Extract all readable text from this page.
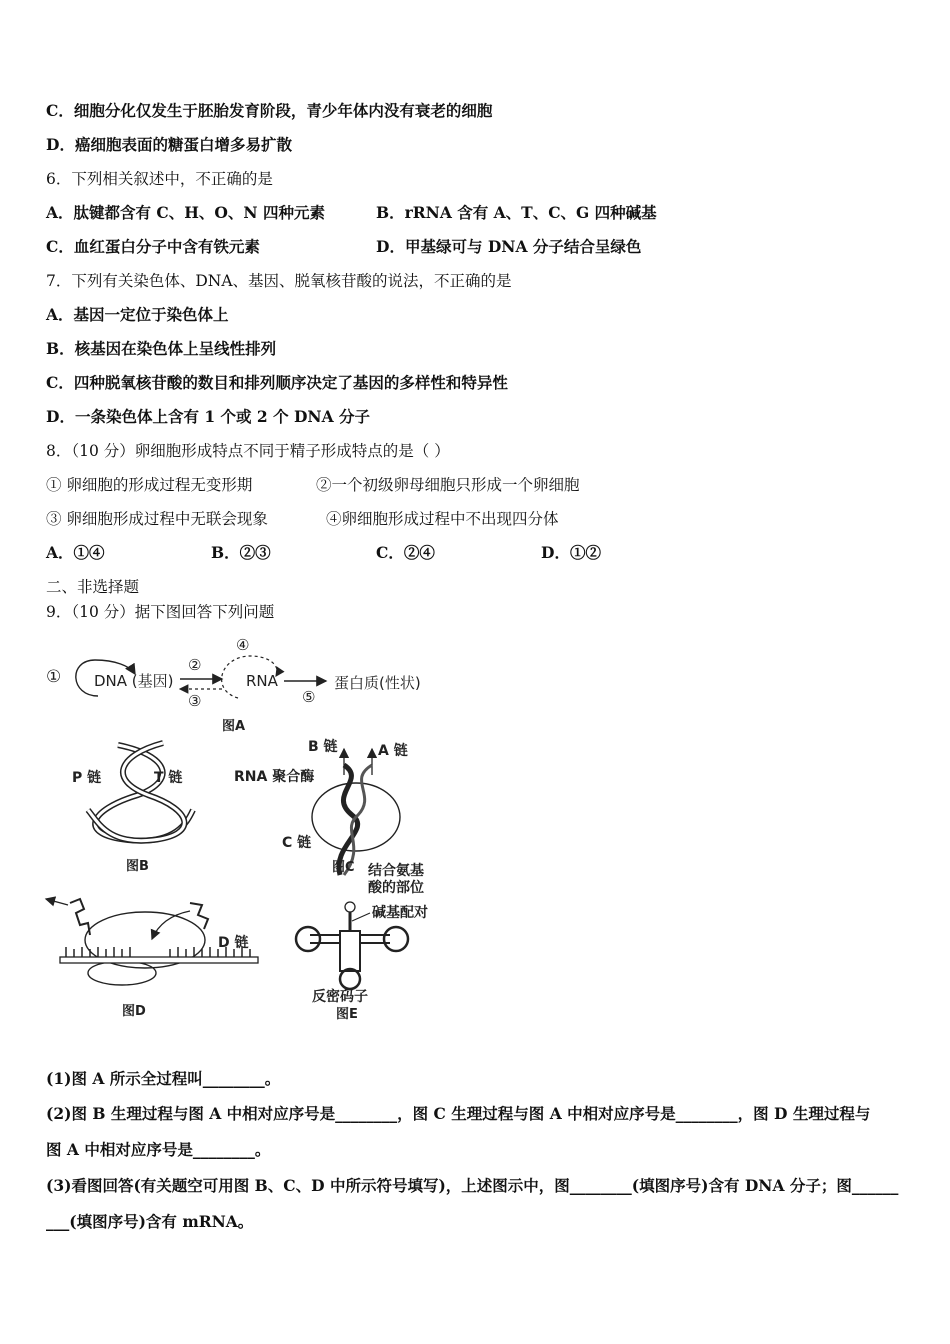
C．细胞分化仅发生于胚胎发育阶段，青少年体内没有衰老的细胞
D．癌细胞表面的糖蛋白增多易扩散
6．下列相关叙述中，不正确的是
A．肽键都含有 C、H、O、N 四种元素	B．rRNA 含有 A、T、C、G 四种碱基
C．血红蛋白分子中含有铁元素	D．甲基绿可与 DNA 分子结合呈绿色
7．下列有关染色体、DNA、基因、脱氧核苷酸的说法，不正确的是
A．基因一定位于染色体上
B．核基因在染色体上呈线性排列
C．四种脱氧核苷酸的数目和排列顺序决定了基因的多样性和特异性
D．一条染色体上含有 1 个或 2 个 DNA 分子
8．（10 分）卵细胞形成特点不同于精子形成特点的是（ ）
① 卵细胞的形成过程无变形期	②一个初级卵母细胞只形成一个卵细胞
③ 卵细胞形成过程中无联会现象	④卵细胞形成过程中不出现四分体
A．①④	B．②③	C．②④	D．①②
二、非选择题
9．（10 分）据下图回答下列问题
① DNA (基因)
②
③
④
RNA
⑤
蛋白质(性状)
图A
P 链	T 链
图B
B 链	A 链
RNA 聚合酶
C 链
图C
D 链
图D
结合氨基
酸的部位
碱基配对
反密码子
图E
(1)图 A 所示全过程叫________。
(2)图 B 生理过程与图 A 中相对应序号是________，图 C 生理过程与图 A 中相对应序号是________，图 D 生理过程与
图 A 中相对应序号是________。
(3)看图回答(有关题空可用图 B、C、D 中所示符号填写)，上述图示中，图________(填图序号)含有 DNA 分子；图______
___(填图序号)含有 mRNA。
